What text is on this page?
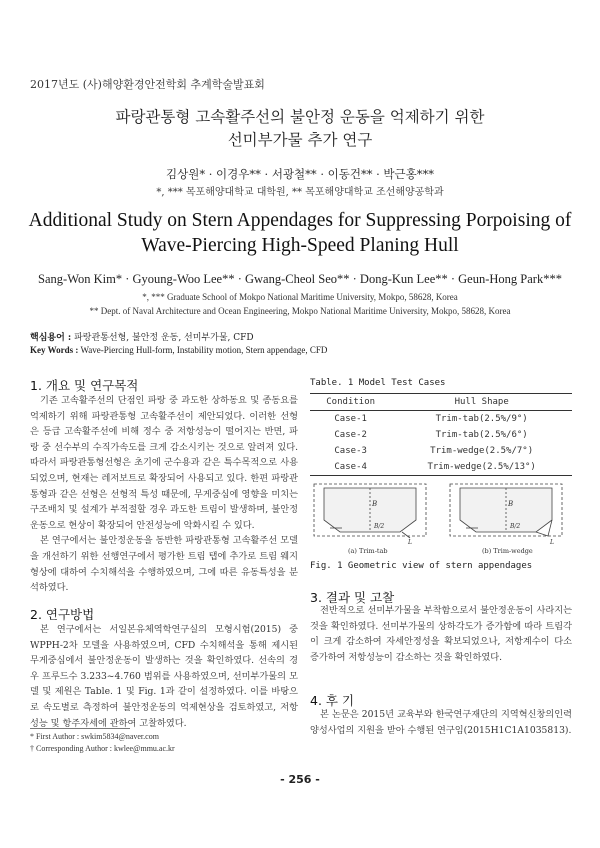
2017년도 (사)해양환경안전학회 추계학술발표회
파랑관통형 고속활주선의 불안정 운동을 억제하기 위한
선미부가물 추가 연구
김상원* · 이경우** · 서광철** · 이동건** · 박근홍***
*, *** 목포해양대학교 대학원, ** 목포해양대학교 조선해양공학과
Additional Study on Stern Appendages for Suppressing Porpoising of
Wave-Piercing High-Speed Planing Hull
Sang-Won Kim* · Gyoung-Woo Lee** · Gwang-Cheol Seo** · Dong-Kun Lee** · Geun-Hong Park***
*, *** Graduate School of Mokpo National Maritime University, Mokpo, 58628, Korea
** Dept. of Naval Architecture and Ocean Engineering, Mokpo National Maritime University, Mokpo, 58628, Korea
핵심용어 : 파랑관통선형, 불안정 운동, 선미부가물, CFD
Key Words : Wave-Piercing Hull-form, Instability motion, Stern appendage, CFD
1. 개요 및 연구목적

기존 고속활주선의 단점인 파랑 중 과도한 상하동요 및 종동요를 억제하기 위해 파랑관통형 고속활주선이 제안되었다. 이러한 선형은 등급 고속활주선에 비해 정수 중 저항성능이 떨어지는 반면, 파랑 중 선수부의 수직가속도를 크게 감소시키는 것으로 알려져 있다. 따라서 파랑관통형선형은 초기에 군수용과 같은 특수목적으로 사용되었으며, 현재는 레저보트로 확장되어 사용되고 있다. 한편 파랑관통형과 같은 선형은 선형적 특성 때문에, 무게중심에 영향을 미치는 구조배치 및 설계가 부적절할 경우 과도한 트림이 발생하며, 불안정운동으로 현상이 확장되어 안전성능에 악화시킬 수 있다.

본 연구에서는 불안정운동을 동반한 파랑관통형 고속활주선 모델을 개선하기 위한 선행연구에서 평가한 트림 탭에 추가로 트림 웨지형상에 대하여 수치해석을 수행하였으며, 그에 따른 유동특성을 분석하였다.

2. 연구방법

본 연구에서는 서일본유체역학연구실의 모형시험(2015) 중 WPPH-2차 모델을 사용하였으며, CFD 수치해석을 통해 제시된 무게중심에서 불안정운동이 발생하는 것을 확인하였다. 선속의 경우 프루드수 3.233~4.760 범위를 사용하였으며, 선미부가물의 모델 및 제원은 Table. 1 및 Fig. 1과 같이 설정하였다. 이를 바탕으로 속도별로 측정하여 불안정운동의 억제현상을 검토하였고, 저항성능 및 항주자세에 관하여 고찰하였다.

* First Author : swkim5834@naver.com
† Corresponding Author : kwlee@mmu.ac.kr
Table. 1 Model Test Cases
Condition	Hull Shape
Case-1	Trim-tab(2.5%/9°)
Case-2	Trim-tab(2.5%/6°)
Case-3	Trim-wedge(2.5%/7°)
Case-4	Trim-wedge(2.5%/13°)
B
B/2
L
(a) Trim-tab
B
B/2
L
(b) Trim-wedge
Fig. 1 Geometric view of stern appendages
3. 결과 및 고찰

전반적으로 선미부가물을 부착함으로서 불안정운동이 사라지는 것을 확인하였다. 선미부가물의 상하각도가 증가함에 따라 트림각이 크게 감소하여 자세안정성을 확보되었으나, 저항계수이 다소 증가하여 저항성능이 감소하는 것을 확인하였다.

4. 후 기

본 논문은 2015년 교육부와 한국연구재단의 지역혁신창의인력양성사업의 지원을 받아 수행된 연구임(2015H1C1A1035813).

- 256 -
